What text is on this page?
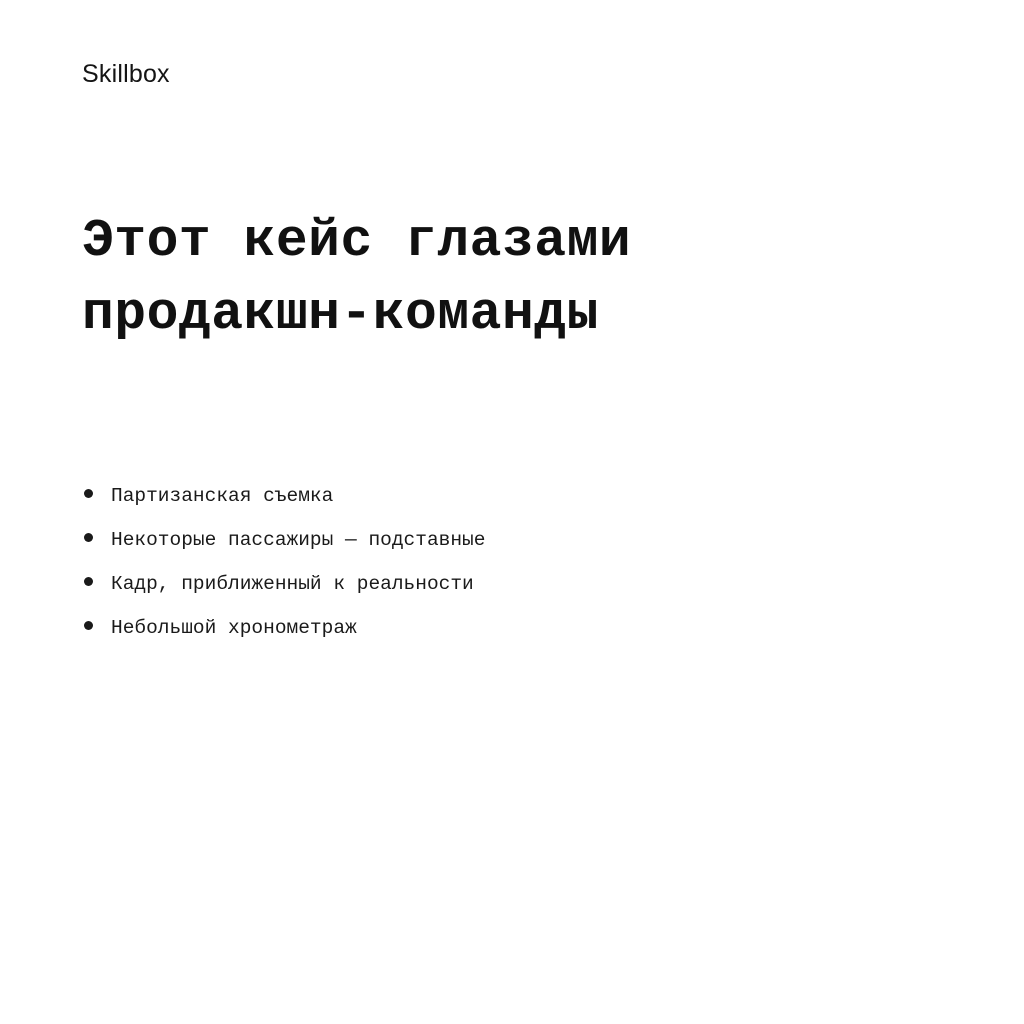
Skillbox
Этот кейс глазами
продакшн-команды
Партизанская съемка
Некоторые пассажиры — подставные
Кадр, приближенный к реальности
Небольшой хронометраж
